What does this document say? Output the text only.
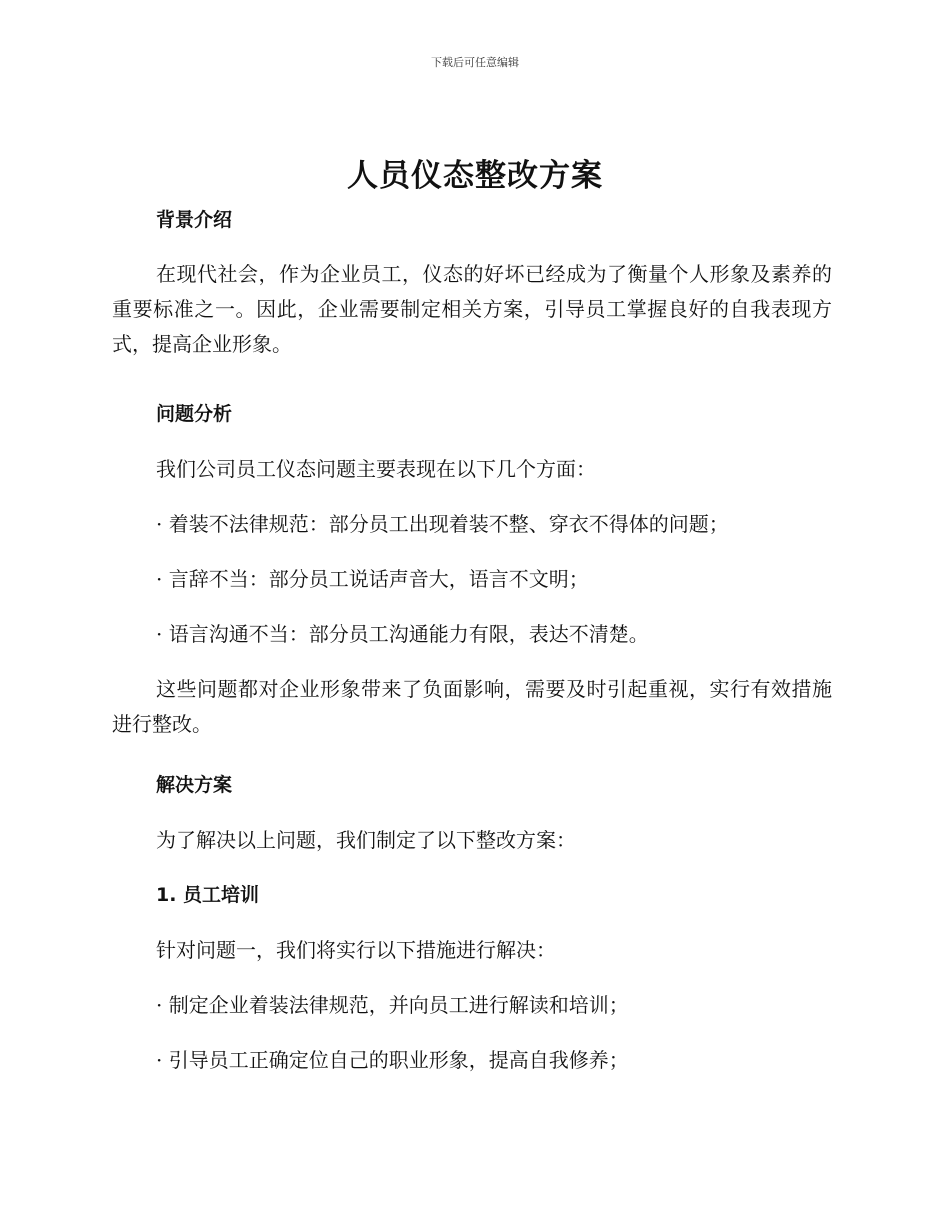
下载后可任意编辑
人员仪态整改方案

背景介绍

在现代社会，作为企业员工，仪态的好坏已经成为了衡量个人形象及素养的重要标准之一。因此，企业需要制定相关方案，引导员工掌握良好的自我表现方式，提高企业形象。

问题分析

我们公司员工仪态问题主要表现在以下几个方面：

· 着装不法律规范：部分员工出现着装不整、穿衣不得体的问题；

· 言辞不当：部分员工说话声音大，语言不文明；

· 语言沟通不当：部分员工沟通能力有限，表达不清楚。

这些问题都对企业形象带来了负面影响，需要及时引起重视，实行有效措施进行整改。

解决方案

为了解决以上问题，我们制定了以下整改方案：

1. 员工培训

针对问题一，我们将实行以下措施进行解决：

· 制定企业着装法律规范，并向员工进行解读和培训；

· 引导员工正确定位自己的职业形象，提高自我修养；
